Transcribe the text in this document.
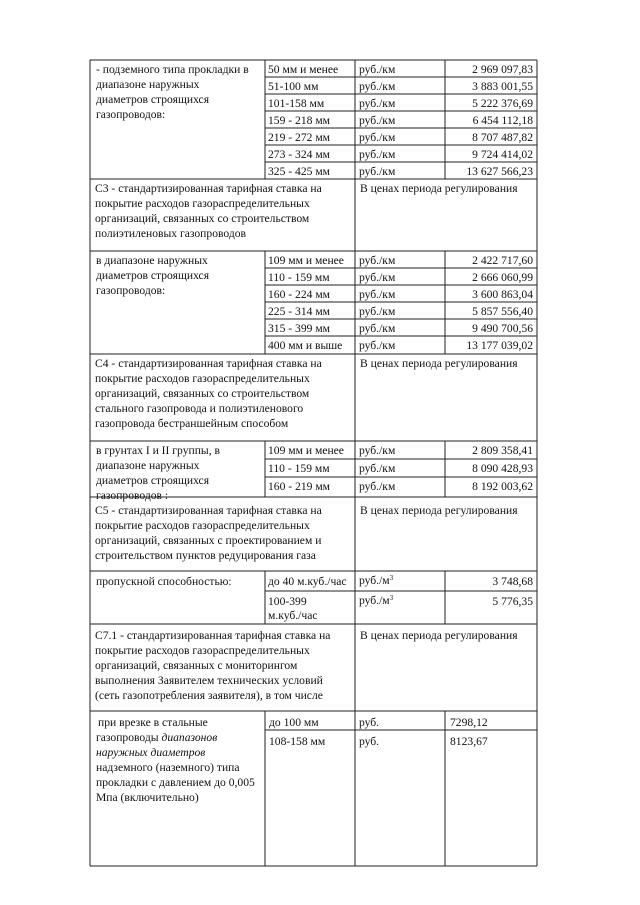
- подземного типа прокладки в
диапазоне наружных
диаметров строящихся
газопроводов:
50 мм и менее руб./км	2 969 097,83
51-100 мм	руб./км	3 883 001,55
101-158 мм	руб./км	5 222 376,69
159 - 218 мм руб./км	6 454 112,18
219 - 272 мм руб./км	8 707 487,82
273 - 324 мм руб./км	9 724 414,02
325 - 425 мм руб./км	13 627 566,23
С3 - стандартизированная тарифная ставка на
покрытие расходов газораспределительных
организаций, связанных со строительством
полиэтиленовых газопроводов
В ценах периода регулирования
в диапазоне наружных
диаметров строящихся
газопроводов:
109 мм и менее руб./км	2 422 717,60
110 - 159 мм	руб./км	2 666 060,99
160 - 224 мм руб./км	3 600 863,04
225 - 314 мм руб./км	5 857 556,40
315 - 399 мм руб./км	9 490 700,56
400 мм и выше руб./км	13 177 039,02
С4 - стандартизированная тарифная ставка на
покрытие расходов газораспределительных
организаций, связанных со строительством
стального газопровода и полиэтиленового
газопровода бестраншейным способом
В ценах периода регулирования
в грунтах I и II группы, в
диапазоне наружных
диаметров строящихся
газопроводов :
109 мм и менее руб./км	2 809 358,41
110 - 159 мм	руб./км	8 090 428,93
160 - 219 мм руб./км	8 192 003,62
С5 - стандартизированная тарифная ставка на
покрытие расходов газораспределительных
организаций, связанных с проектированием и
строительством пунктов редуцирования газа
В ценах периода регулирования
пропускной способностью:	до 40 м.куб./час $руб./м^3$	3 748,68
100-399
м.куб./час
$руб./м^3$	5 776,35
С7.1 - стандартизированная тарифная ставка на
покрытие расходов газораспределительных
организаций, связанных с мониторингом
выполнения Заявителем технических условий
(сеть газопотребления заявителя), в том числе
В ценах периода регулирования
при врезке в стальные
газопроводы диапазонов
наружных диаметров
надземного (наземного) типа
прокладки с давлением до 0,005
Мпа (включительно)
до 100 мм	руб.	7298,12
108-158 мм	руб.	8123,67
